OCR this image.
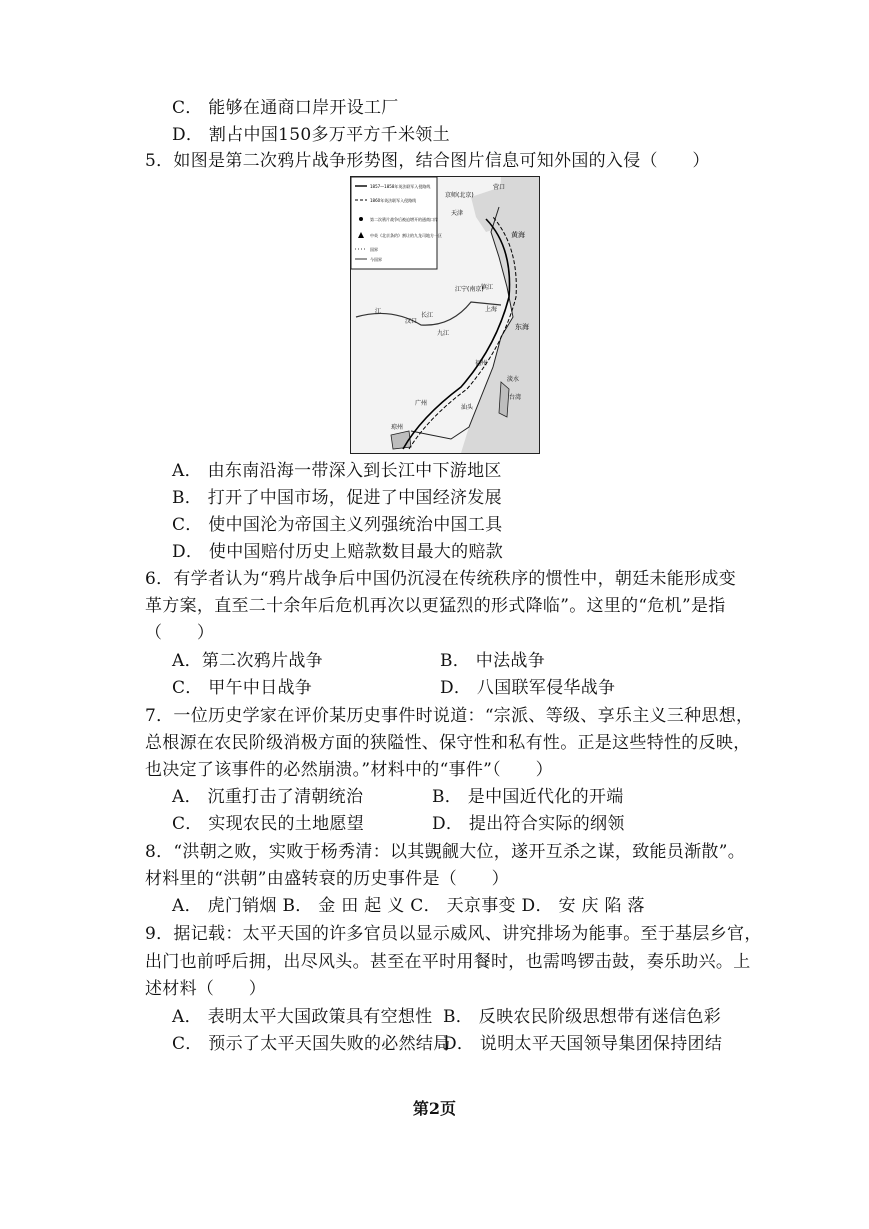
C． 能够在通商口岸开设工厂
D． 割占中国150多万平方千米领土
5．如图是第二次鸦片战争形势图，结合图片信息可知外国的入侵（　　）
1857—1858年英法联军入侵路线
1860年英法联军入侵路线
第二次鸦片战争后被迫增开的通商口岸
中英《北京条约》割让的九龙司地方一区
国界
今国界
京师(北京)
营口
天津
江宁(南京)
镇江
上海
汉口
九江
福州
淡水
台湾
广州
汕头
琼州
黄海
东海
长江
江
A． 由东南沿海一带深入到长江中下游地区
B． 打开了中国市场，促进了中国经济发展
C． 使中国沦为帝国主义列强统治中国工具
D． 使中国赔付历史上赔款数目最大的赔款
6．有学者认为“鸦片战争后中国仍沉浸在传统秩序的惯性中，朝廷未能形成变
革方案，直至二十余年后危机再次以更猛烈的形式降临”。这里的“危机”是指
（　　）
A．第二次鸦片战争	B． 中法战争
C． 甲午中日战争	D． 八国联军侵华战争
7．一位历史学家在评价某历史事件时说道：“宗派、等级、享乐主义三种思想，
总根源在农民阶级消极方面的狭隘性、保守性和私有性。正是这些特性的反映，
也决定了该事件的必然崩溃。”材料中的“事件”（　　）
A． 沉重打击了清朝统治	B． 是中国近代化的开端
C． 实现农民的土地愿望	D． 提出符合实际的纲领
8．“洪朝之败，实败于杨秀清：以其覬觎大位，遂开互杀之谋，致能员渐散”。
材料里的“洪朝”由盛转衰的历史事件是（　　）
A． 虎门销烟 B． 金 田 起 义 C． 天京事变 D． 安 庆 陷 落
9．据记载：太平天国的许多官员以显示威风、讲究排场为能事。至于基层乡官，
出门也前呼后拥，出尽风头。甚至在平时用餐时，也需鸣锣击鼓，奏乐助兴。上
述材料（　　）
A． 表明太平大国政策具有空想性 B． 反映农民阶级思想带有迷信色彩
C． 预示了太平天国失败的必然结局
D． 说明太平天国领导集团保持团结
第2页
